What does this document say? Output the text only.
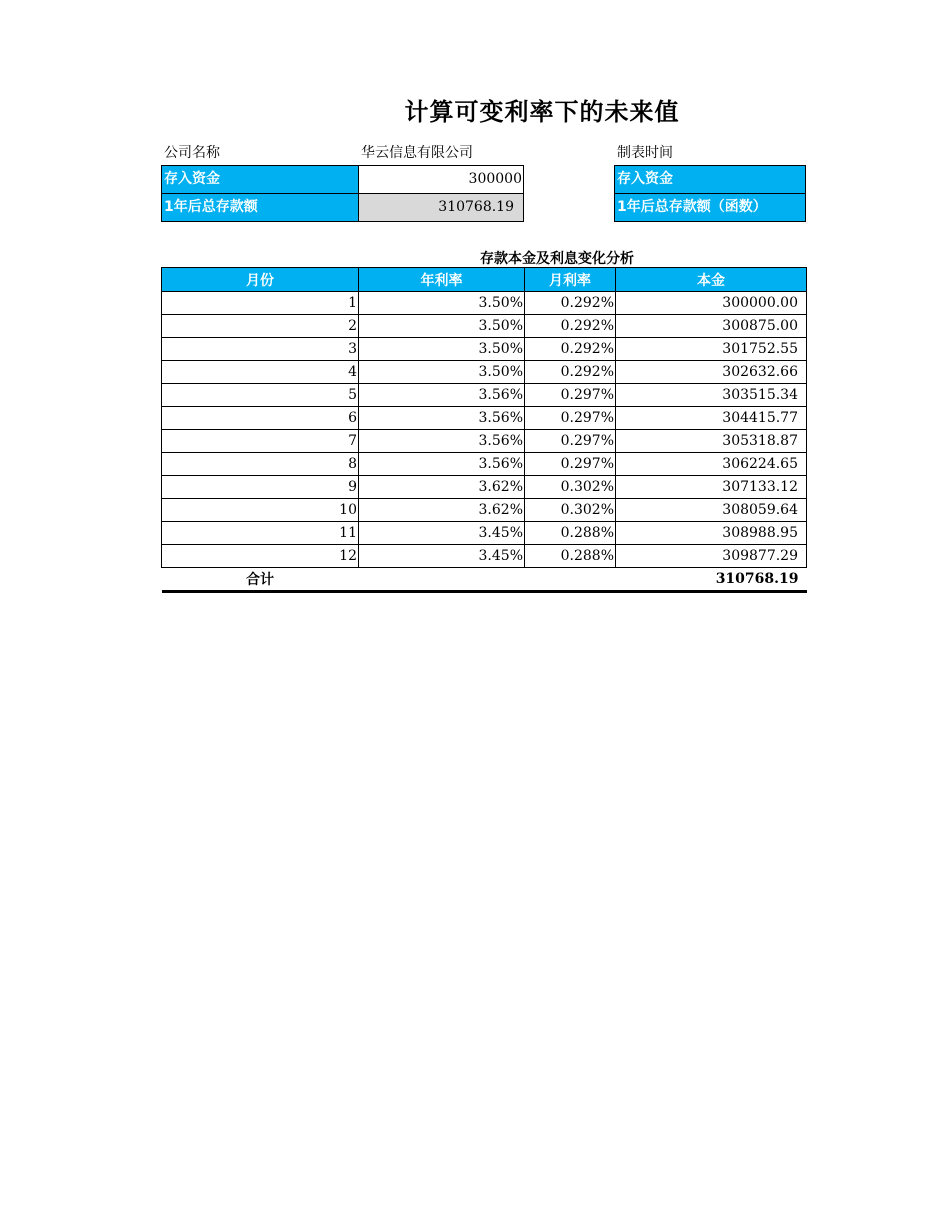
计算可变利率下的未来值
公司名称	华云信息有限公司	制表时间
存入资金	300000
1年后总存款额	310768.19
存入资金
1年后总存款额（函数）
存款本金及利息变化分析
月份	年利率	月利率	本金
1	3.50%	0.292%	300000.00
2	3.50%	0.292%	300875.00
3	3.50%	0.292%	301752.55
4	3.50%	0.292%	302632.66
5	3.56%	0.297%	303515.34
6	3.56%	0.297%	304415.77
7	3.56%	0.297%	305318.87
8	3.56%	0.297%	306224.65
9	3.62%	0.302%	307133.12
10	3.62%	0.302%	308059.64
11	3.45%	0.288%	308988.95
12	3.45%	0.288%	309877.29
合计			310768.19
